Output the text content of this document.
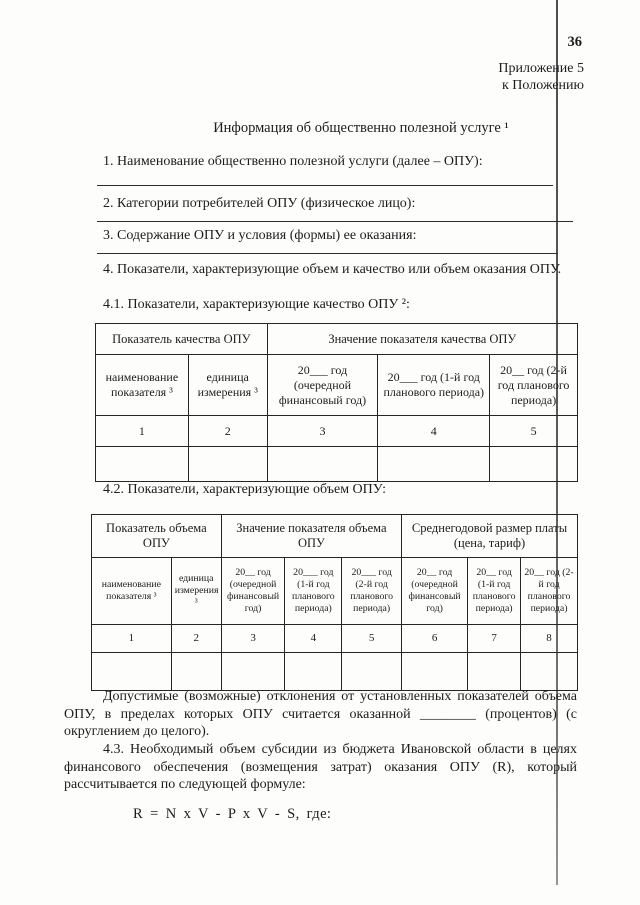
36
Приложение 5
к Положению
Информация об общественно полезной услуге ¹
1. Наименование общественно полезной услуги (далее – ОПУ):
2. Категории потребителей ОПУ (физическое лицо):
3. Содержание ОПУ и условия (формы) ее оказания:
4. Показатели, характеризующие объем и качество или объем оказания ОПУ.
4.1. Показатели, характеризующие качество ОПУ ²:
Показатель качества ОПУ		Значение показателя качества ОПУ		
наименование показателя ³	единица измерения ³	20___ год (очередной финансовый год)	20___ год (1-й год планового периода)	20__ год (2-й год планового периода)
1	2	3	4	5

4.2. Показатели, характеризующие объем ОПУ:
Показатель объема ОПУ		Значение показателя объема ОПУ			Среднегодовой размер платы (цена, тариф)		
наименование показателя ³	единица измерения ³	20__ год (очередной финансовый год)	20___ год (1-й год планового периода)	20___ год (2-й год планового периода)	20__ год (очередной финансовый год)	20__ год (1-й год планового периода)	20__ год (2-й год планового периода)
1	2	3	4	5	6	7	8

Допустимые (возможные) отклонения от установленных показателей объема ОПУ, в пределах которых ОПУ считается оказанной ________ (процентов) (с округлением до целого).
4.3. Необходимый объем субсидии из бюджета Ивановской области в целях финансового обеспечения (возмещения затрат) оказания ОПУ (R), который рассчитывается по следующей формуле:
R = N x V - P x V - S, где:
